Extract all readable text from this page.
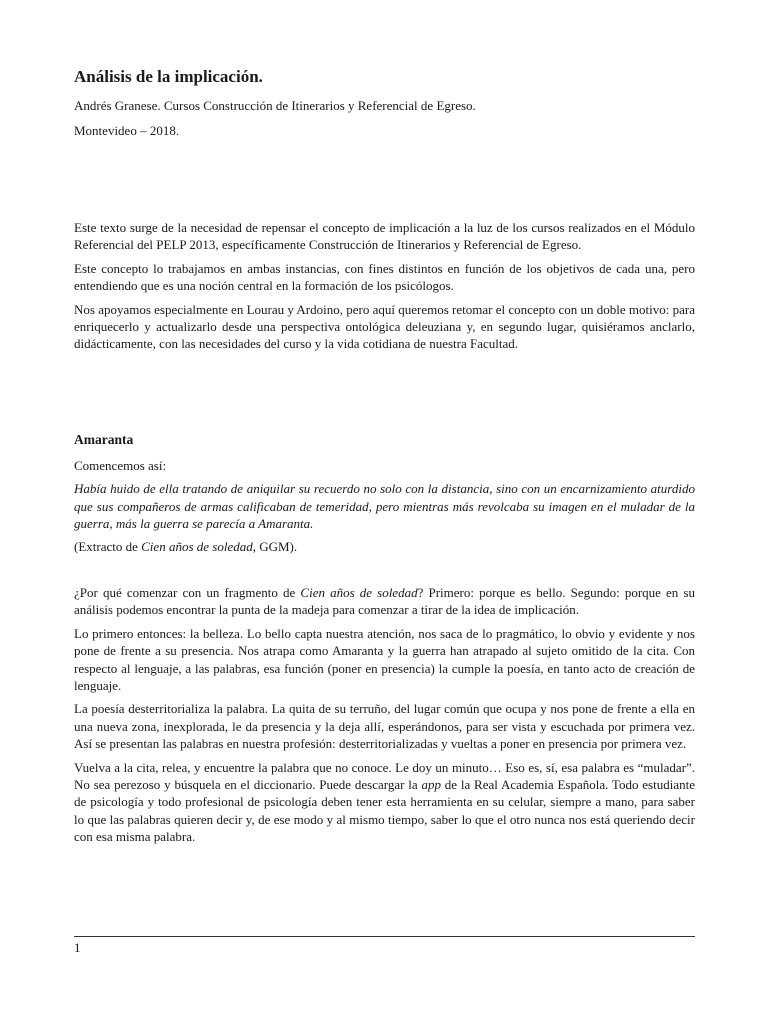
Análisis de la implicación.
Andrés Granese. Cursos Construcción de Itinerarios y Referencial de Egreso.
Montevideo – 2018.

Este texto surge de la necesidad de repensar el concepto de implicación a la luz de los cursos realizados en el Módulo Referencial del PELP 2013, específicamente Construcción de Itinerarios y Referencial de Egreso.

Este concepto lo trabajamos en ambas instancias, con fines distintos en función de los objetivos de cada una, pero entendiendo que es una noción central en la formación de los psicólogos.

Nos apoyamos especialmente en Lourau y Ardoino, pero aquí queremos retomar el concepto con un doble motivo: para enriquecerlo y actualizarlo desde una perspectiva ontológica deleuziana y, en segundo lugar, quisiéramos anclarlo, didácticamente, con las necesidades del curso y la vida cotidiana de nuestra Facultad.

Amaranta

Comencemos así:

Había huido de ella tratando de aniquilar su recuerdo no solo con la distancia, sino con un encarnizamiento aturdido que sus compañeros de armas calificaban de temeridad, pero mientras más revolcaba su imagen en el muladar de la guerra, más la guerra se parecía a Amaranta.

(Extracto de Cien años de soledad, GGM).

¿Por qué comenzar con un fragmento de Cien años de soledad? Primero: porque es bello. Segundo: porque en su análisis podemos encontrar la punta de la madeja para comenzar a tirar de la idea de implicación.

Lo primero entonces: la belleza. Lo bello capta nuestra atención, nos saca de lo pragmático, lo obvio y evidente y nos pone de frente a su presencia. Nos atrapa como Amaranta y la guerra han atrapado al sujeto omitido de la cita. Con respecto al lenguaje, a las palabras, esa función (poner en presencia) la cumple la poesía, en tanto acto de creación de lenguaje.

La poesía desterritorializa la palabra. La quita de su terruño, del lugar común que ocupa y nos pone de frente a ella en una nueva zona, inexplorada, le da presencia y la deja allí, esperándonos, para ser vista y escuchada por primera vez. Así se presentan las palabras en nuestra profesión: desterritorializadas y vueltas a poner en presencia por primera vez.

Vuelva a la cita, relea, y encuentre la palabra que no conoce. Le doy un minuto… Eso es, sí, esa palabra es “muladar”. No sea perezoso y búsquela en el diccionario. Puede descargar la app de la Real Academia Española. Todo estudiante de psicología y todo profesional de psicología deben tener esta herramienta en su celular, siempre a mano, para saber lo que las palabras quieren decir y, de ese modo y al mismo tiempo, saber lo que el otro nunca nos está queriendo decir con esa misma palabra.

1
